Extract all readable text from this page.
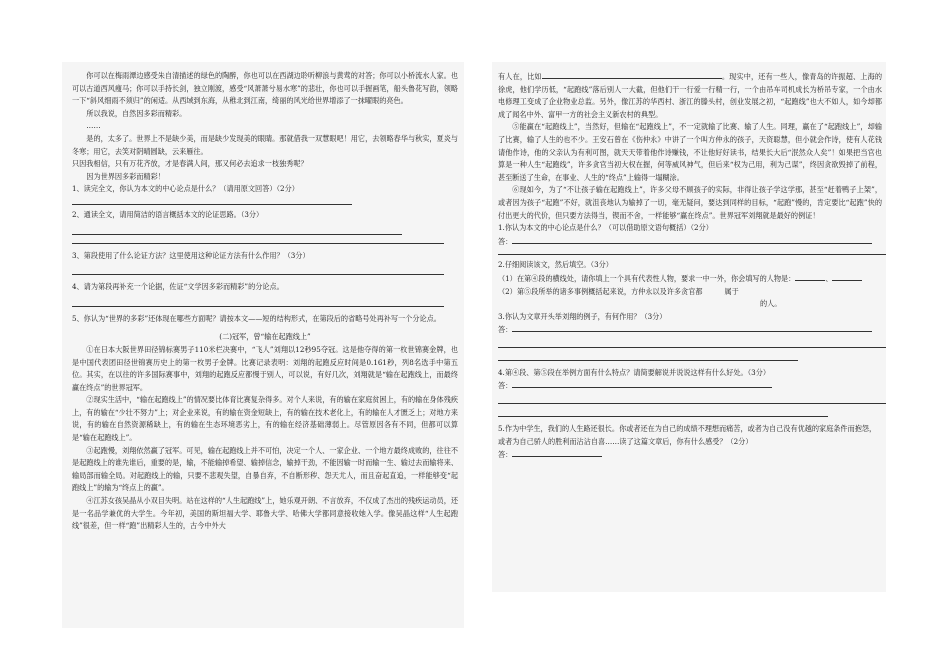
你可以在梅雨潭边感受朱自清描述的绿色的陶醉，你也可以在西湖边聆听柳浪与黄莺的对答；你可以小桥流水人家。也可以古道西风瘦马；你可以手持长剑，独立刚渡，感受“风萧萧兮易水寒”的悲壮，你也可以手握画笔，船头鲁花写韵，领略一下“斜风细雨不须归”的闲适。从西域到东海，从稚北到江南，绮丽的风光给世界增添了一抹曜眼的亮色。

所以我说，自然因多彩而精彩。

……

是的，太多了。世界上不是缺少美，而是缺少发现美的眼睛。那就借我一双慧眼吧！用它，去领略春华与秋实，夏炎与冬寒；用它，去笑对阴晴圆缺，云来雁往。

只因我相信，只有万花齐放，才是春满人间，那又何必去追求一枝独秀呢？

因为世界因多彩而精彩！

1、读完全文，你认为本文的中心论点是什么？（请用原文回答）（2分）

2、通读全文，请用简洁的语言概括本文的论证思路。（3分）

3、第段使用了什么论证方法？这里使用这种论证方法有什么作用？（3分）

4、请为第段再补充一个论据，佐证“文学因多彩而精彩”的分论点。

5、你认为“世界的多彩”还体现在哪些方面呢？请按本文——短的结构形式，在第段后的省略号处再补写一个分论点。

(二)冠军，曾“输在起跑线上”

①在日本大阪世界田径锦标赛男子110米栏决赛中，“飞人”刘翔以12秒95夺冠。这是他夺得的第一枚世锦赛金牌，也是中国代表团田径世锦赛历史上的第一枚男子金牌。比赛记录表明：刘翔的起跑反应时间是0.161秒，列8名选手中第五位。其实，在以往的许多国际赛事中，刘翔的起跑反应都慢于别人，可以说，有好几次，刘翔就是“输在起跑线上，而最终赢在终点”的世界冠军。

②现实生活中，“输在起跑线上”的情况要比体育比赛复杂得多。对个人来说，有的输在家庭贫困上，有的输在身体残疾上，有的输在“少壮不努力”上；对企业来说，有的输在资金短缺上，有的输在技术老化上，有的输在人才匮乏上；对地方来说，有的输在自然资源稀缺上，有的输在生态环境恶劣上，有的输在经济基础薄弱上。尽管原因各有不同，但都可以算是“输在起跑线上”。

③起跑慢，刘翔依然赢了冠军。可见，输在起跑线上并不可怕，决定一个人、一家企业、一个地方最终成败的，往往不是起跑线上的谁先谁后，重要的是，输，不能输掉希望、输掉信念，输掉干劲，不能因输一时而输一生、输过去而输将来、输局部而输全局。对起跑线上的输，只要不悲观失望，自暴自弃，不自断形秽、怨天尤人，而且奋起直追，一样能够变“起跑线上”的输为“终点上的赢”。

④江苏女孩吴晶从小双目失明。站在这样的“人生起跑线”上，她乐观开朗、不言放弃，不仅成了杰出的残疾运动员，还是一名品学兼优的大学生。今年初，美国的斯坦福大学、耶鲁大学、哈佛大学都同意接收她入学。像吴晶这样“人生起跑线”很差，但一样“跑”出精彩人生的，古今中外大

有人在，比如	。现实中，还有一些人，像青岛的许振超、上海的徐虎，他们学历低，“起跑线”落后别人一大截，但他们干一行爱一行精一行，一个由吊车司机成长为桥吊专家，一个由水电修理工变成了企业物业总监。另外，像江苏的华西村、浙江的滕头村，创业发展之初，“起跑线”也大不如人，如今却都成了闻名中外、富甲一方的社会主义新农村的典型。

⑤能赢在“起跑线上”，当然好，但输在“起跑线上”，不一定就输了比赛、输了人生。同理，赢在了“起跑线上”，却输了比赛，输了人生的也不少。王安石曾在《伤仲永》中讲了一个叫方仲永的孩子，天资聪慧，但小就会作诗，使有人花钱请他作诗，他的父亲认为有利可图，就天天带着他作诗赚钱，不让他好好读书，结果长大后“泯然众人矣”！如果把当官也算是一种人生“起跑线”，许多贪官当初大权在握，何等威风神气，但后来“权为己用，利为己谋”，终因贪欲毁掉了前程，甚至断送了生命，在事业、人生的“终点”上输得一塌糊涂。

⑥现如今，为了“不让孩子输在起跑线上”，许多父母不顾孩子的实际，非得让孩子学这学那，甚至“赶着鸭子上架”，或者因为孩子“起跑”不好，就沮丧地认为输掉了一切，毫无疑问，要达到同样的目标，“起跑”慢的，肯定要比“起跑”快的付出更大的代价，但只要方法得当，锲而不舍，一样能够“赢在终点”。世界冠军刘翔就是最好的例证！

1.你认为本文的中心论点是什么？（可以借助原文语句概括）（2分）

答：

2.仔细阅读该文，然后填空。（3分）

（1）在第④段的横线处，请你填上一个具有代表性人物，要求一中一外，你会填写的人物是：	、

（2）第⑤段所举的诸多事例概括起来说，方仲永以及许多贪官都	属于

的人。

3.你认为文章开头举刘翔的例子，有何作用？（3分）

答：

4.第④段、第⑤段在举例方面有什么特点？请简要解说并说说这样有什么好处。（3分）

答：

5.作为中学生，我们的人生路还很长。你或者还在为自己的成绩不理想而痛苦，或者为自己没有优越的家庭条件而抱怨，或者为自己骄人的胜利而沾沾自喜……读了这篇文章后，你有什么感受？（2分）

答：
